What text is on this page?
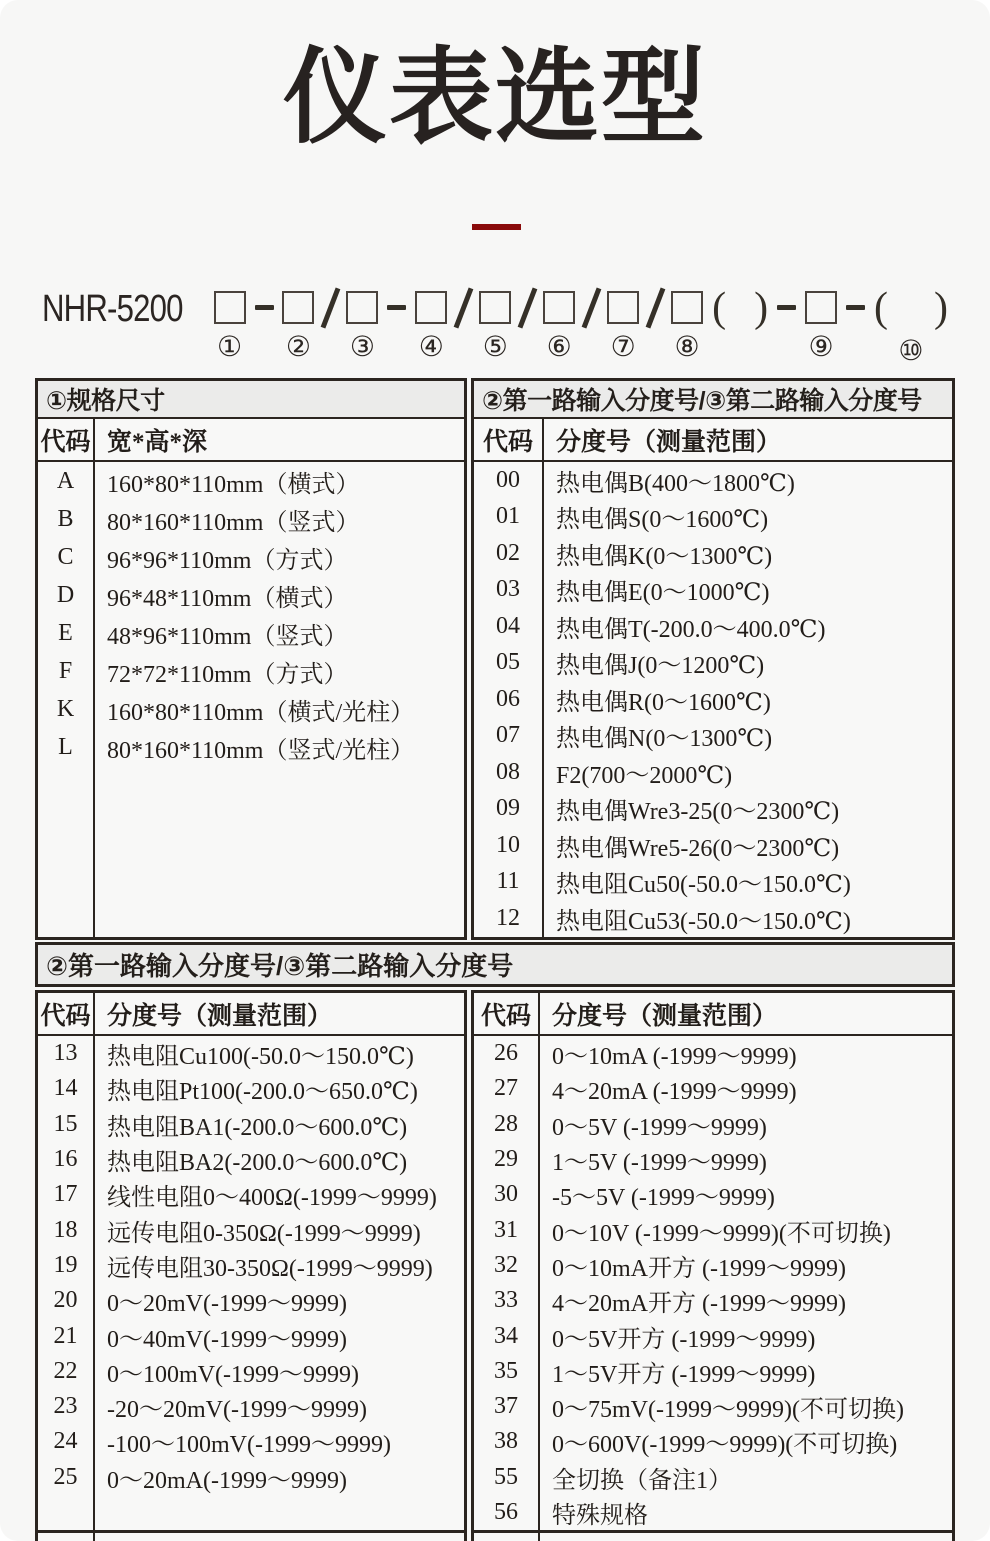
仪表选型
NHR-5200
① ② ③ ④ ⑤ ⑥ ⑦ ⑧
( )
⑨
( )
⑩
①规格尺寸
代码 宽*高*深
A	160*80*110mm（横式）
B	80*160*110mm（竖式）
C	96*96*110mm（方式）
D	96*48*110mm（横式）
E	48*96*110mm（竖式）
F	72*72*110mm（方式）
K	160*80*110mm（横式/光柱）
L	80*160*110mm（竖式/光柱）
②第一路输入分度号/③第二路输入分度号
代码 分度号（测量范围）
00	热电偶B(400～1800℃)
01	热电偶S(0～1600℃)
02	热电偶K(0～1300℃)
03	热电偶E(0～1000℃)
04	热电偶T(-200.0～400.0℃)
05	热电偶J(0～1200℃)
06	热电偶R(0～1600℃)
07	热电偶N(0～1300℃)
08	F2(700～2000℃)
09	热电偶Wre3-25(0～2300℃)
10	热电偶Wre5-26(0～2300℃)
11	热电阻Cu50(-50.0～150.0℃)
12	热电阻Cu53(-50.0～150.0℃)
②第一路输入分度号/③第二路输入分度号
代码 分度号（测量范围）
13	热电阻Cu100(-50.0～150.0℃)
14	热电阻Pt100(-200.0～650.0℃)
15	热电阻BA1(-200.0～600.0℃)
16	热电阻BA2(-200.0～600.0℃)
17	线性电阻0～400Ω(-1999～9999)
18	远传电阻0-350Ω(-1999～9999)
19	远传电阻30-350Ω(-1999～9999)
20	0～20mV(-1999～9999)
21	0～40mV(-1999～9999)
22	0～100mV(-1999～9999)
23	-20～20mV(-1999～9999)
24	-100～100mV(-1999～9999)
25	0～20mA(-1999～9999)
代码 分度号（测量范围）
26	0～10mA (-1999～9999)
27	4～20mA (-1999～9999)
28	0～5V (-1999～9999)
29	1～5V (-1999～9999)
30	-5～5V (-1999～9999)
31	0～10V (-1999～9999)(不可切换)
32	0～10mA开方 (-1999～9999)
33	4～20mA开方 (-1999～9999)
34	0～5V开方 (-1999～9999)
35	1～5V开方 (-1999～9999)
37	0～75mV(-1999～9999)(不可切换)
38	0～600V(-1999～9999)(不可切换)
55	全切换（备注1）
56	特殊规格
